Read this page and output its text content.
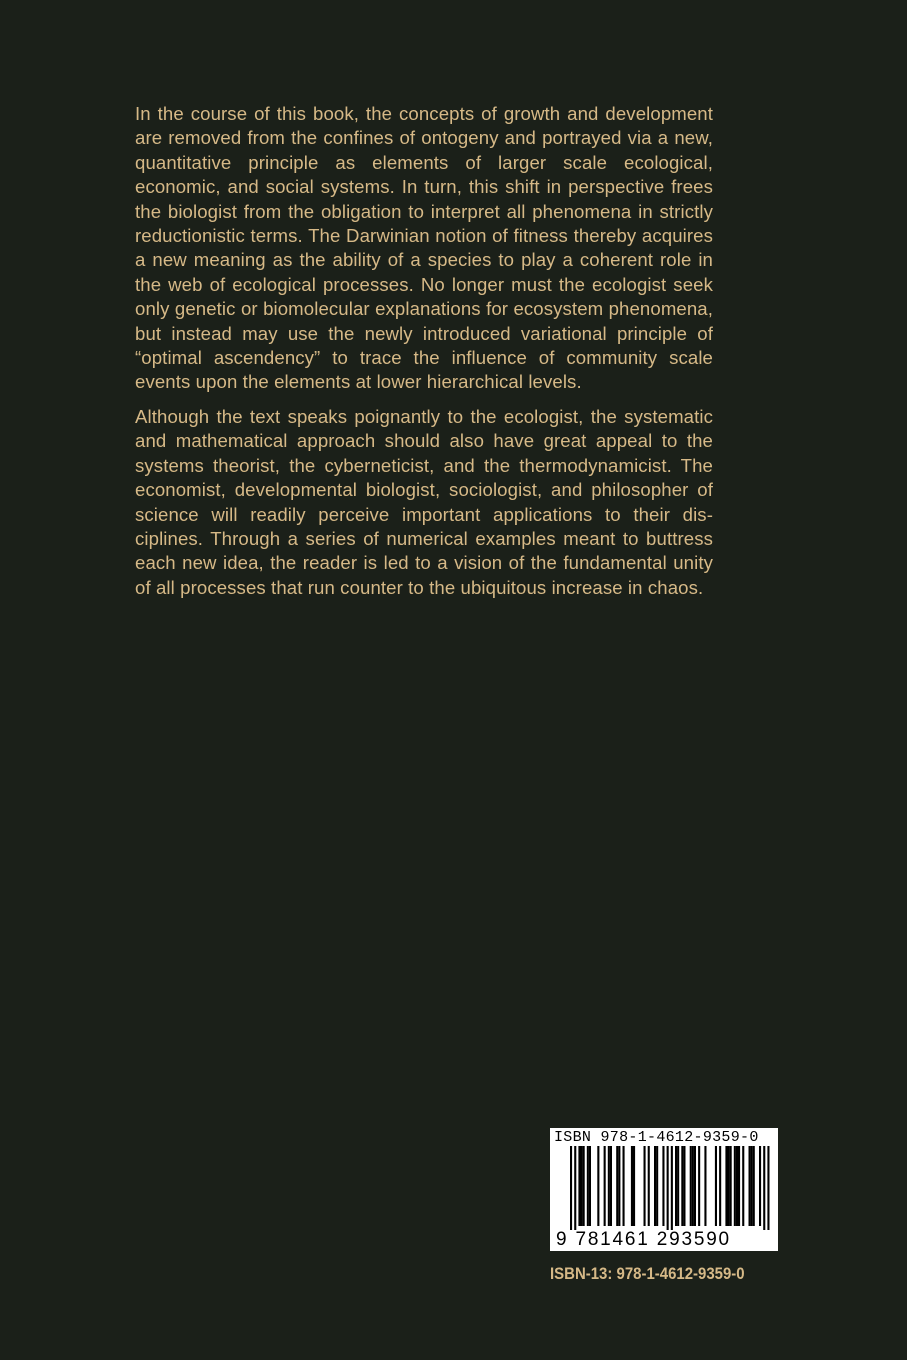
In the course of this book, the concepts of growth and development are removed from the confines of ontogeny and portrayed via a new, quantitative principle as elements of larger scale ecological, economic, and social systems. In turn, this shift in perspective frees the biologist from the obligation to interpret all phenomena in strictly reductionistic terms. The Darwinian notion of fitness thereby acquires a new meaning as the ability of a species to play a coherent role in the web of ecological processes. No longer must the ecologist seek only genetic or biomolecular explanations for ecosystem phenomena, but instead may use the newly introduced variational principle of “optimal ascendency” to trace the influence of community scale events upon the elements at lower hierarchical levels.

Although the text speaks poignantly to the ecologist, the systematic and mathematical approach should also have great appeal to the systems theorist, the cyberneticist, and the thermodynamicist. The economist, developmental biologist, sociologist, and philosopher of science will readily perceive important applications to their dis-ciplines. Through a series of numerical examples meant to buttress each new idea, the reader is led to a vision of the fundamental unity of all processes that run counter to the ubiquitous increase in chaos.

ISBN 978-1-4612-9359-0
9 781461 293590
ISBN-13: 978-1-4612-9359-0
